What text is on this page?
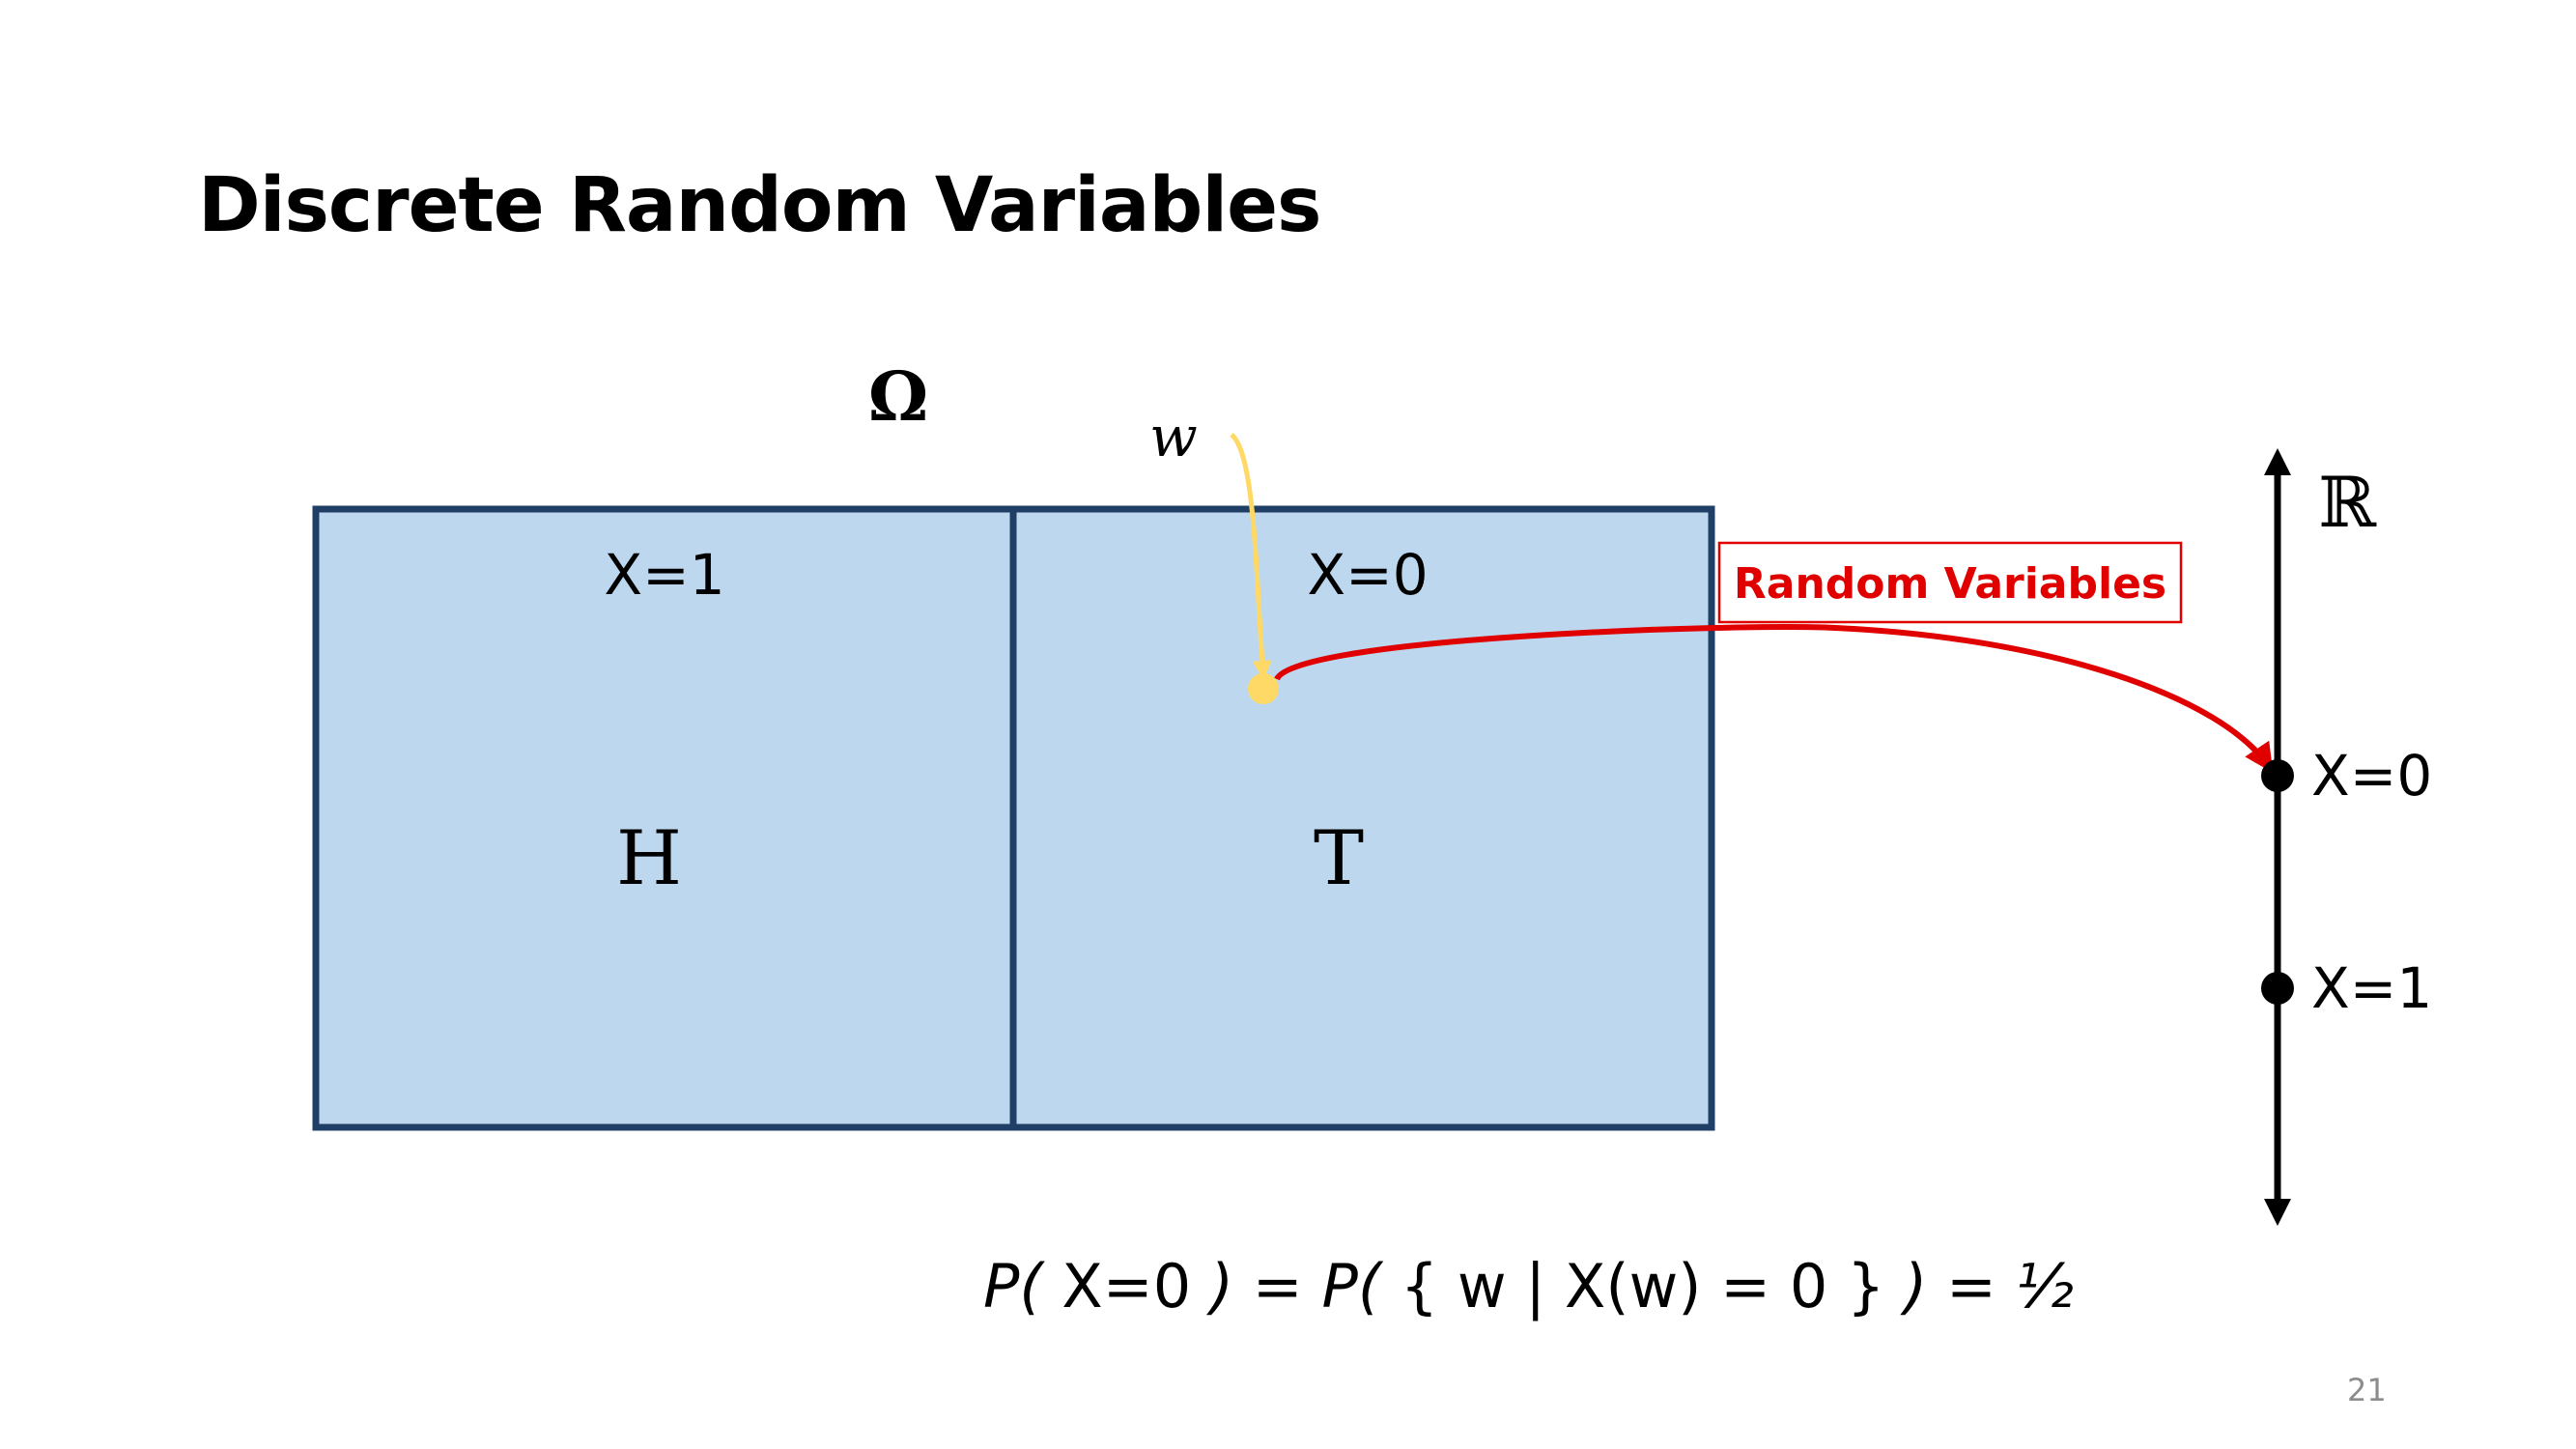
Discrete Random Variables
Ω
X=1	X=0
H	T
w
Random Variables
ℝ
X=0
X=1
P( X=0 ) = P( { w | X(w) = 0 } ) = ½
21
